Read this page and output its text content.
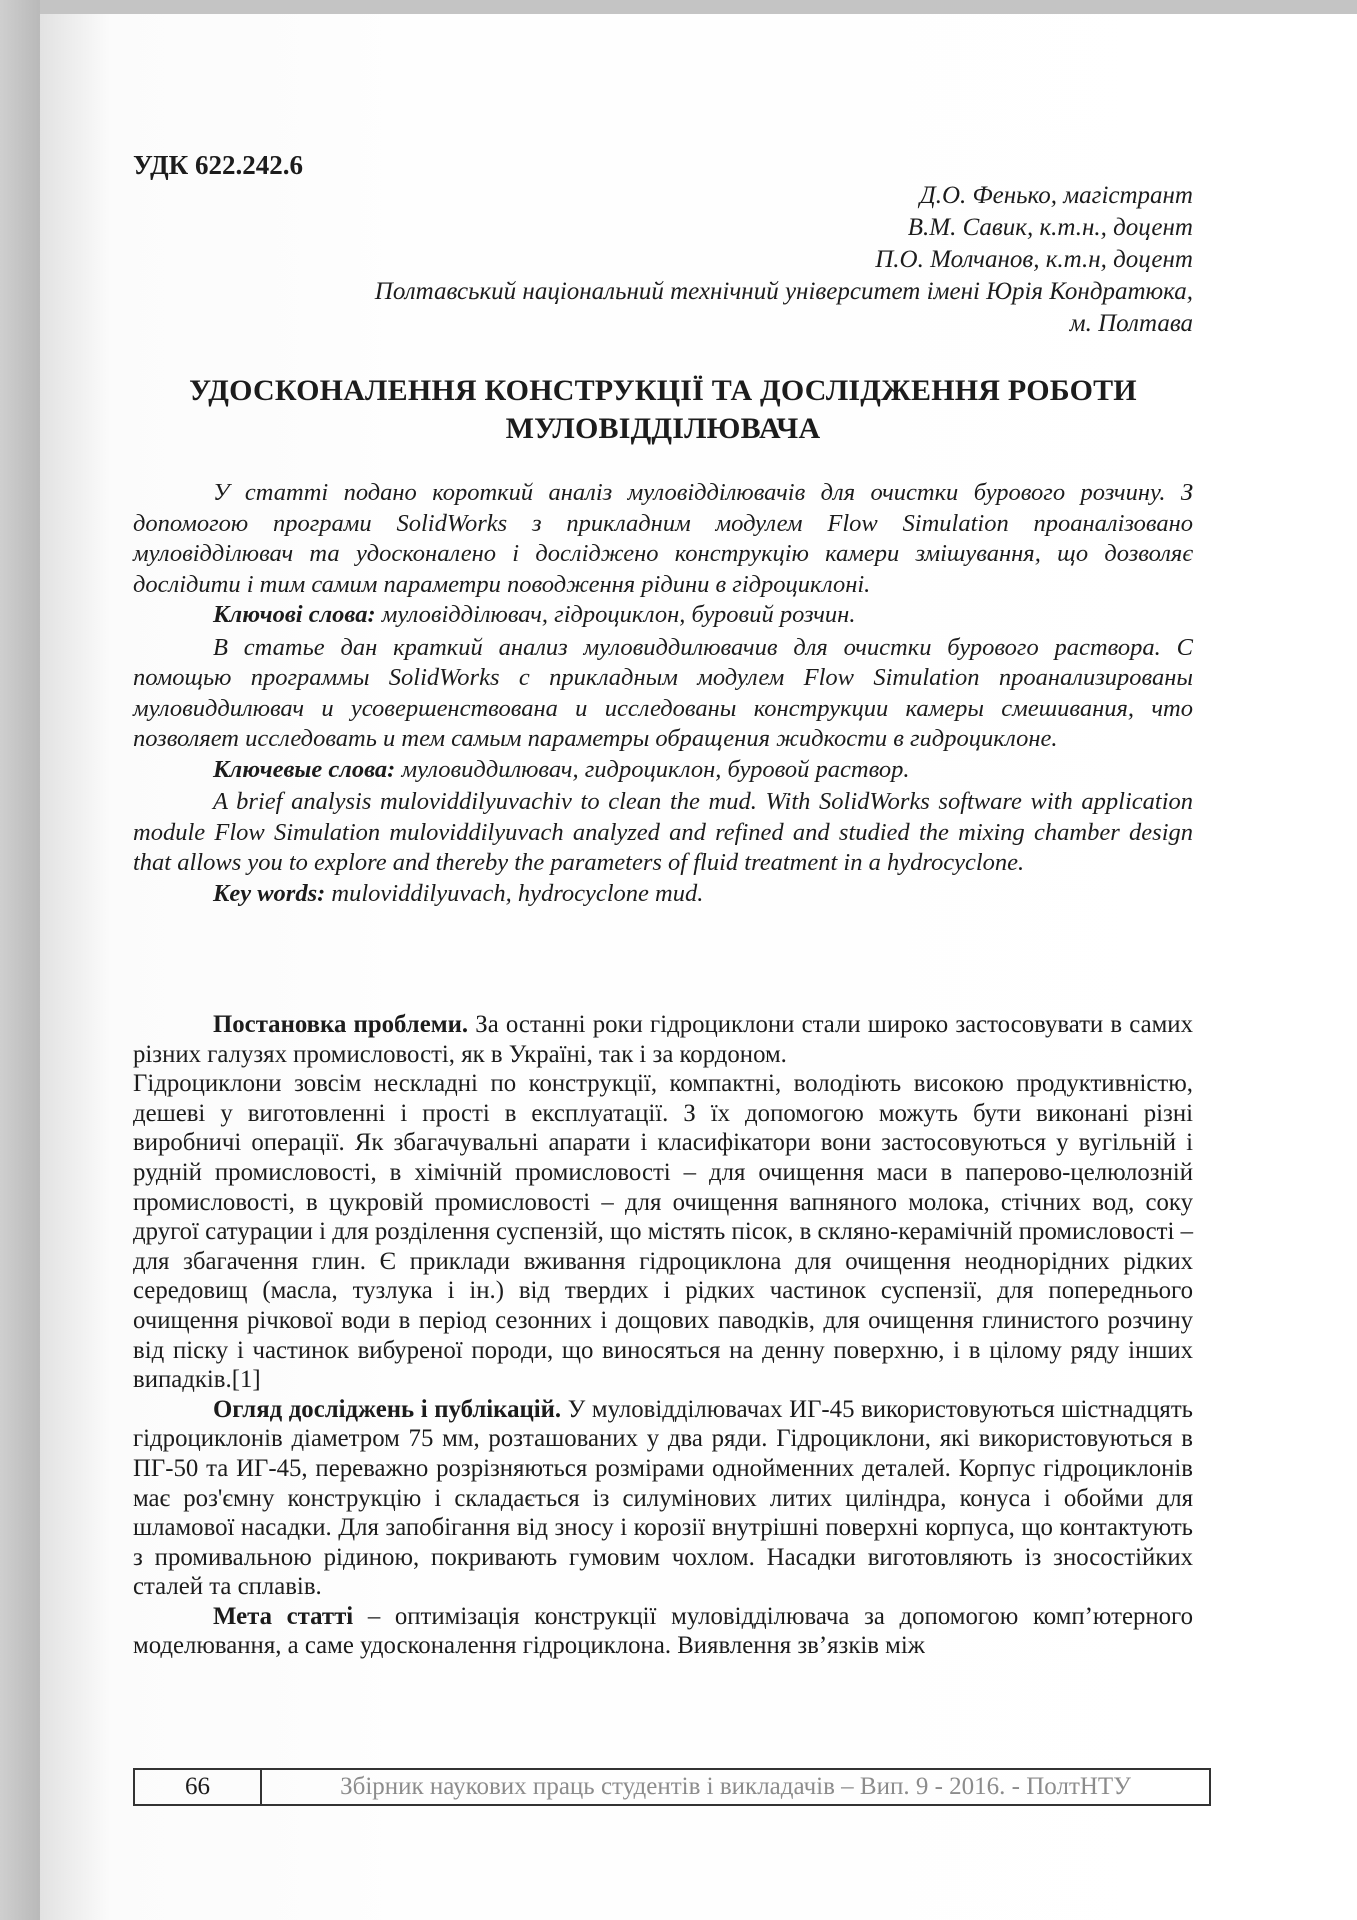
УДК 622.242.6
Д.О. Фенько, магістрант
В.М. Савик, к.т.н., доцент
П.О. Молчанов, к.т.н, доцент
Полтавський національний технічний університет імені Юрія Кондратюка,
м. Полтава
УДОСКОНАЛЕННЯ КОНСТРУКЦІЇ ТА ДОСЛІДЖЕННЯ РОБОТИ
МУЛОВІДДІЛЮВАЧА

У статті подано короткий аналіз муловідділювачів для очистки бурового розчину. З допомогою програми SolidWorks з прикладним модулем Flow Simulation проаналізовано муловідділювач та удосконалено і досліджено конструкцію камери змішування, що дозволяє дослідити і тим самим параметри поводження рідини в гідроциклоні.

Ключові слова: муловідділювач, гідроциклон, буровий розчин.

В статье дан краткий анализ муловиддилювачив для очистки бурового раствора. С помощью программы SolidWorks с прикладным модулем Flow Simulation проанализированы муловиддилювач и усовершенствована и исследованы конструкции камеры смешивания, что позволяет исследовать и тем самым параметры обращения жидкости в гидроциклоне.

Ключевые слова: муловиддилювач, гидроциклон, буровой раствор.

A brief analysis muloviddilyuvachiv to clean the mud. With SolidWorks software with application module Flow Simulation muloviddilyuvach analyzed and refined and studied the mixing chamber design that allows you to explore and thereby the parameters of fluid treatment in a hydrocyclone.

Key words: muloviddilyuvach, hydrocyclone mud.

Постановка проблеми. За останні роки гідроциклони стали широко застосовувати в самих різних галузях промисловості, як в Україні, так і за кордоном.

Гідроциклони зовсім нескладні по конструкції, компактні, володіють високою продуктивністю, дешеві у виготовленні і прості в експлуатації. З їх допомогою можуть бути виконані різні виробничі операції. Як збагачувальні апарати і класифікатори вони застосовуються у вугільній і рудній промисловості, в хімічній промисловості – для очищення маси в паперово-целюлозній промисловості, в цукровій промисловості – для очищення вапняного молока, стічних вод, соку другої сатурации і для розділення суспензій, що містять пісок, в скляно-керамічній промисловості – для збагачення глин. Є приклади вживання гідроциклона для очищення неоднорідних рідких середовищ (масла, тузлука і ін.) від твердих і рідких частинок суспензії, для попереднього очищення річкової води в період сезонних і дощових паводків, для очищення глинистого розчину від піску і частинок вибуреної породи, що виносяться на денну поверхню, і в цілому ряду інших випадків.[1]

Огляд досліджень і публікацій. У муловідділювачах ИГ-45 використовуються шістнадцять гідроциклонів діаметром 75 мм, розташованих у два ряди. Гідроциклони, які використовуються в ПГ-50 та ИГ-45, переважно розрізняються розмірами однойменних деталей. Корпус гідроциклонів має роз'ємну конструкцію і складається із силумінових литих циліндра, конуса і обойми для шламової насадки. Для запобігання від зносу і корозії внутрішні поверхні корпуса, що контактують з промивальною рідиною, покривають гумовим чохлом. Насадки виготовляють із зносостійких сталей та сплавів.

Мета статті – оптимізація конструкції муловідділювача за допомогою комп’ютерного моделювання, а саме удосконалення гідроциклона. Виявлення зв’язків між

66	Збірник наукових праць студентів і викладачів – Вип. 9 - 2016. - ПолтНТУ
